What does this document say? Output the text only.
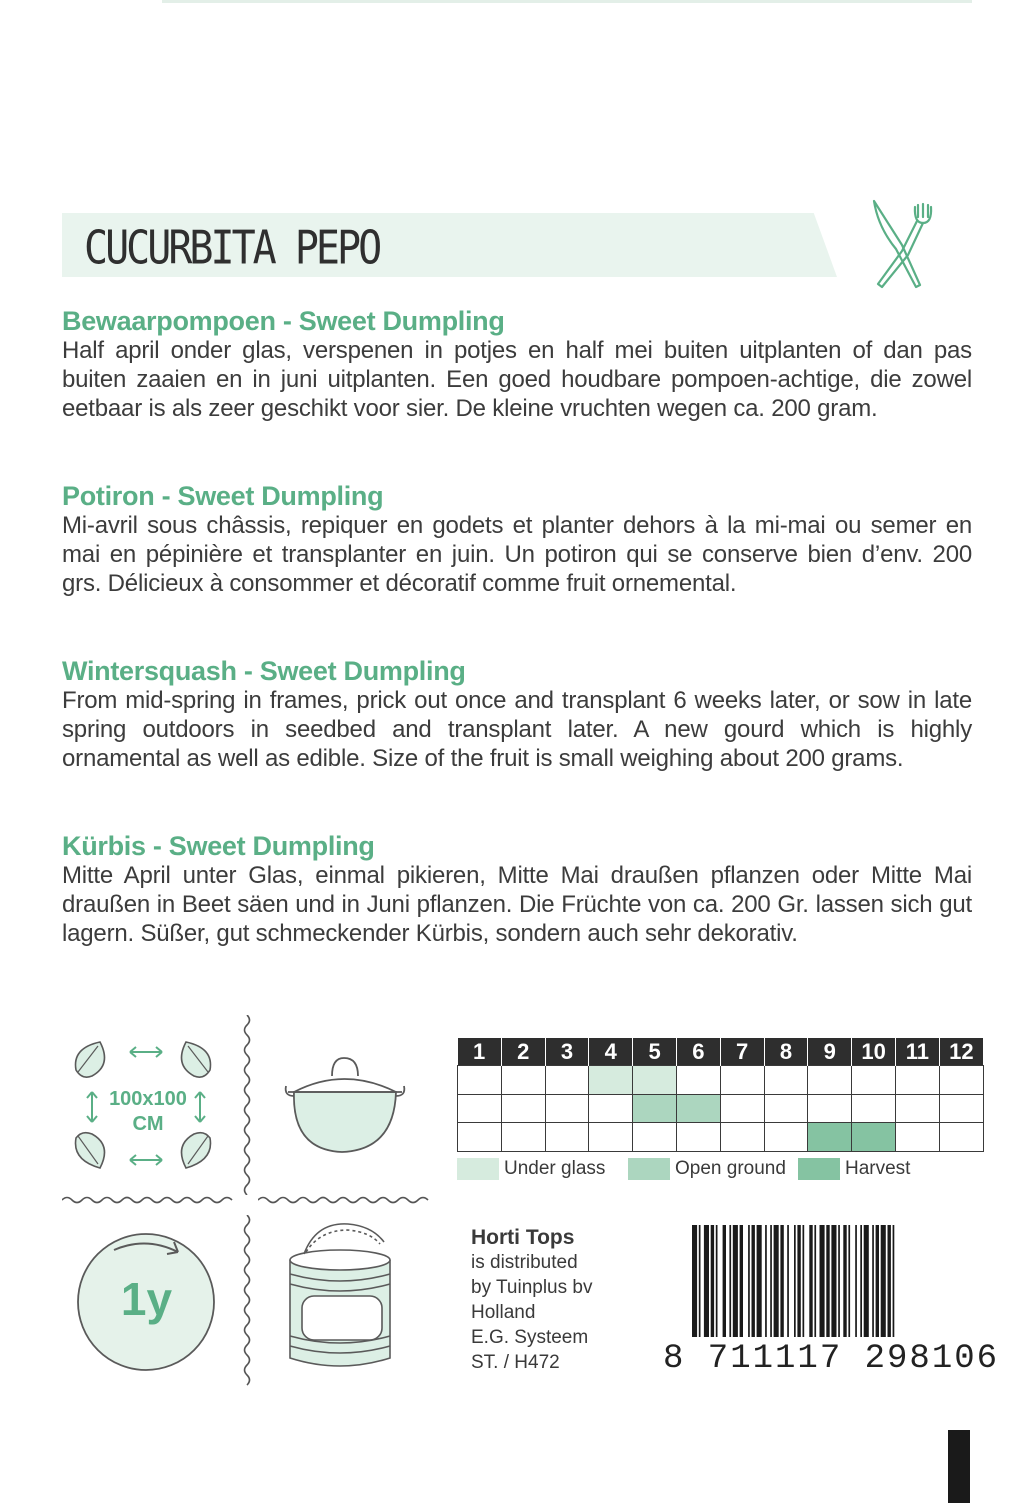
CUCURBITA PEPO
Bewaarpompoen - Sweet Dumpling

Half april onder glas, verspenen in potjes en half mei buiten uitplanten of dan pas buiten zaaien en in juni uitplanten. Een goed houdbare pompoen-achtige, die zowel eetbaar is als zeer geschikt voor sier. De kleine vruchten wegen ca. 200 gram.

Potiron - Sweet Dumpling

Mi-avril sous châssis, repiquer en godets et planter dehors à la mi-mai ou semer en mai en pépinière et transplanter en juin. Un potiron qui se conserve bien d’env. 200 grs. Délicieux à consommer et décoratif comme fruit ornemental.

Wintersquash - Sweet Dumpling

From mid-spring in frames, prick out once and transplant 6 weeks later, or sow in late spring outdoors in seedbed and transplant later. A new gourd which is highly ornamental as well as edible. Size of the fruit is small weighing about 200 grams.

Kürbis - Sweet Dumpling

Mitte April unter Glas, einmal pikieren, Mitte Mai draußen pflanzen oder Mitte Mai draußen in Beet säen und in Juni pflanzen. Die Früchte von ca. 200 Gr. lassen sich gut lagern. Süßer, gut schmeckender Kürbis, sondern auch sehr dekorativ.

100x100
CM
1y
1	2	3	4	5	6	7	8	9	10	11	12

Under glass	Open ground	Harvest
Horti Tops
is distributed
by Tuinplus bv
Holland
E.G. Systeem
ST. / H472	8 711117 298106
